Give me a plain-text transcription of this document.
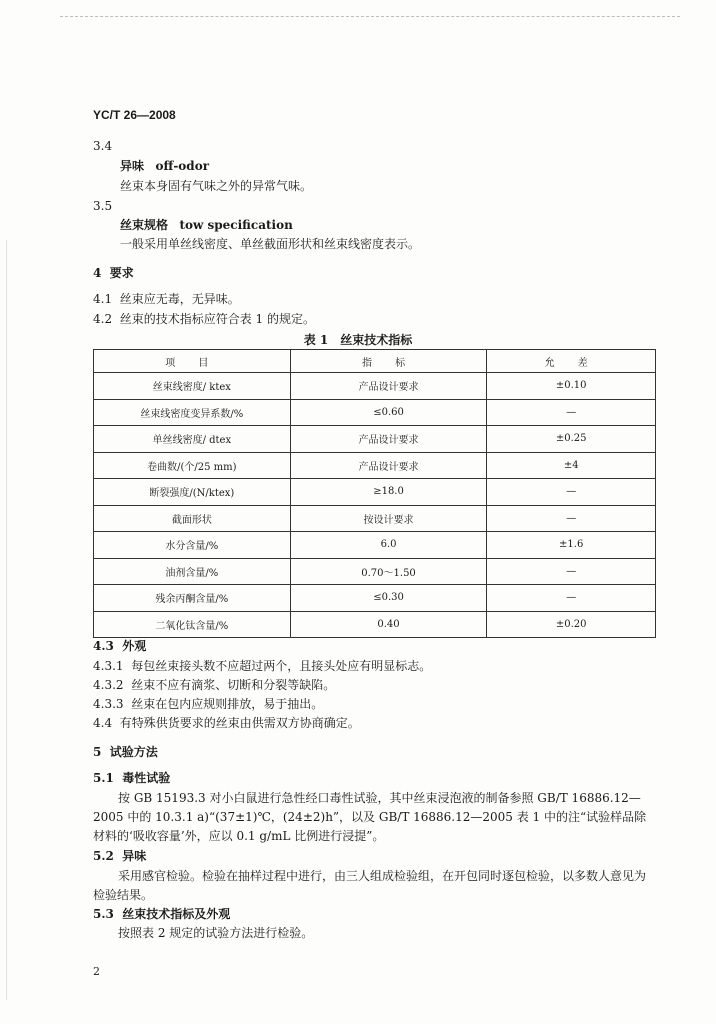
YC/T 26—2008
3.4
异味 off-odor
丝束本身固有气味之外的异常气味。
3.5
丝束规格 tow specification
一般采用单丝线密度、单丝截面形状和丝束线密度表示。
4 要求
4.1 丝束应无毒，无异味。
4.2 丝束的技术指标应符合表 1 的规定。
表 1　丝束技术指标
项 目	指 标	允 差
丝束线密度/ ktex	产品设计要求	±0.10
丝束线密度变异系数/%	≤0.60	—
单丝线密度/ dtex	产品设计要求	±0.25
卷曲数/(个/25 mm)	产品设计要求	±4
断裂强度/(N/ktex)	≥18.0	—
截面形状	按设计要求	—
水分含量/%	6.0	±1.6
油剂含量/%	0.70～1.50	—
残余丙酮含量/%	≤0.30	—
二氧化钛含量/%	0.40	±0.20
4.3 外观
4.3.1 每包丝束接头数不应超过两个，且接头处应有明显标志。
4.3.2 丝束不应有滴浆、切断和分裂等缺陷。
4.3.3 丝束在包内应规则排放，易于抽出。
4.4 有特殊供货要求的丝束由供需双方协商确定。
5 试验方法
5.1 毒性试验
按 GB 15193.3 对小白鼠进行急性经口毒性试验，其中丝束浸泡液的制备参照 GB/T 16886.12—2005 中的 10.3.1 a)“(37±1)℃，(24±2)h”，以及 GB/T 16886.12—2005 表 1 中的注“试验样品除材料的‘吸收容量’外，应以 0.1 g/mL 比例进行浸提”。
5.2 异味
采用感官检验。检验在抽样过程中进行，由三人组成检验组，在开包同时逐包检验，以多数人意见为检验结果。
5.3 丝束技术指标及外观
按照表 2 规定的试验方法进行检验。
2
